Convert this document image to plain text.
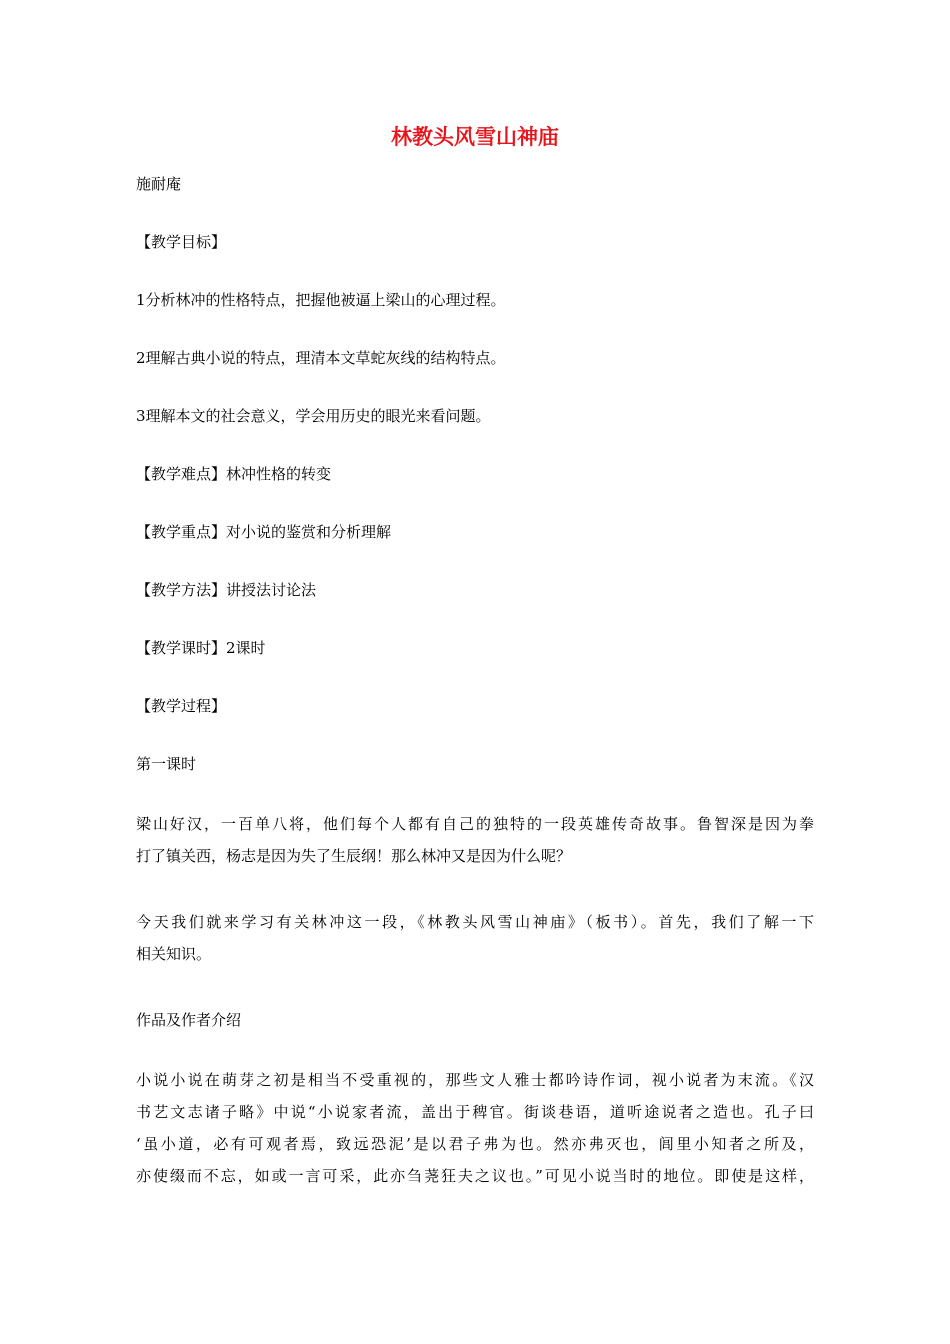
林教头风雪山神庙

施耐庵

【教学目标】

1分析林冲的性格特点，把握他被逼上梁山的心理过程。

2理解古典小说的特点，理清本文草蛇灰线的结构特点。

3理解本文的社会意义，学会用历史的眼光来看问题。

【教学难点】林冲性格的转变

【教学重点】对小说的鉴赏和分析理解

【教学方法】讲授法讨论法

【教学课时】2课时

【教学过程】

第一课时

梁山好汉，一百单八将，他们每个人都有自己的独特的一段英雄传奇故事。鲁智深是因为拳
打了镇关西，杨志是因为失了生辰纲！那么林冲又是因为什么呢？
今天我们就来学习有关林冲这一段，《林教头风雪山神庙》（板书）。首先，我们了解一下
相关知识。

作品及作者介绍

小说小说在萌芽之初是相当不受重视的，那些文人雅士都吟诗作词，视小说者为末流。《汉
书艺文志诸子略》中说“小说家者流，盖出于稗官。街谈巷语，道听途说者之造也。孔子曰
‘虽小道，必有可观者焉，致远恐泥’是以君子弗为也。然亦弗灭也，闾里小知者之所及，
亦使缀而不忘，如或一言可采，此亦刍荛狂夫之议也。”可见小说当时的地位。即使是这样，
